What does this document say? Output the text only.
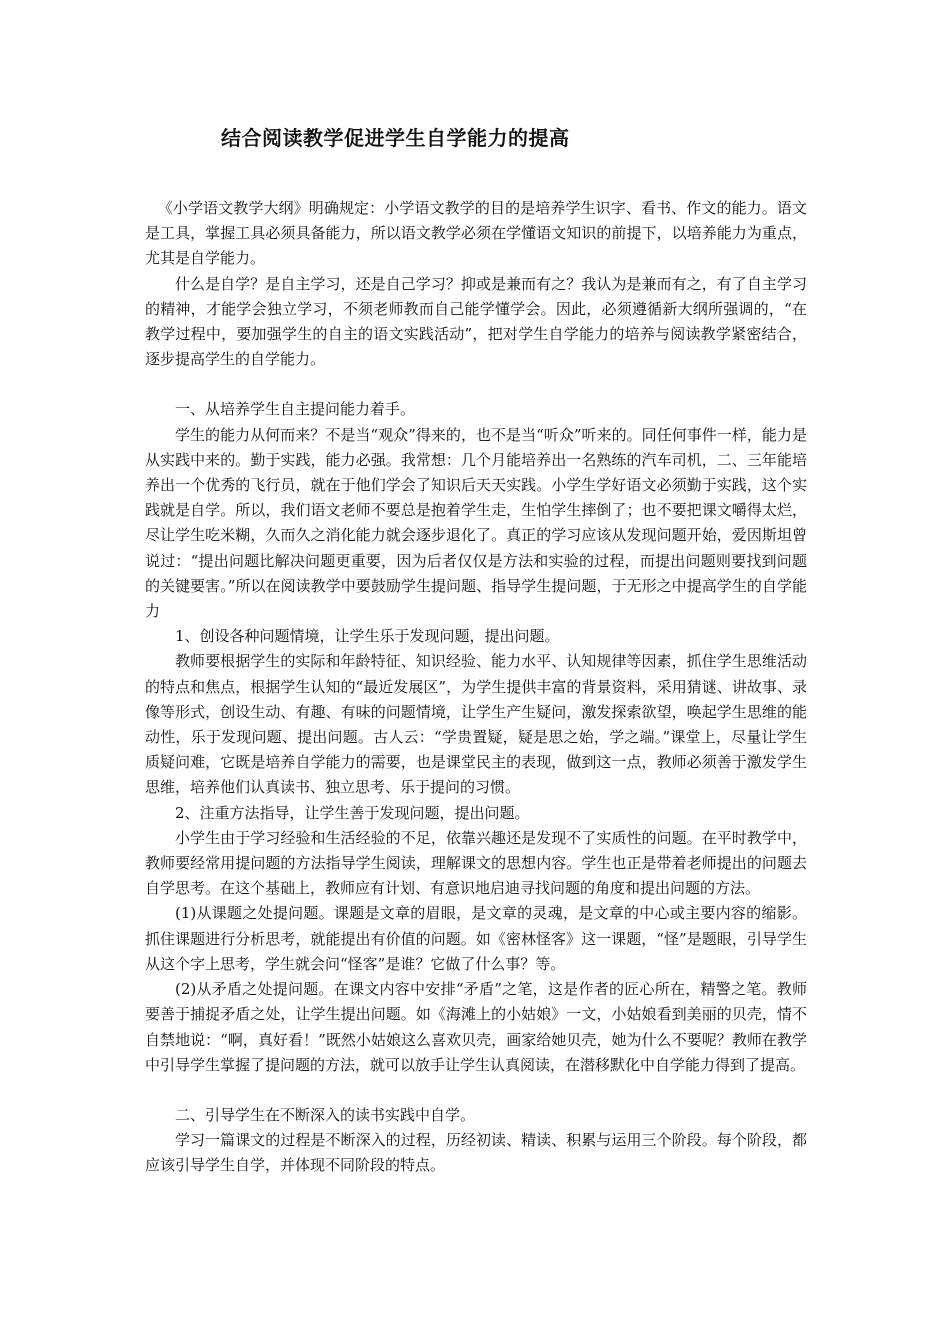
结合阅读教学促进学生自学能力的提高

《小学语文教学大纲》明确规定：小学语文教学的目的是培养学生识字、看书、作文的能力。语文是工具，掌握工具必须具备能力，所以语文教学必须在学懂语文知识的前提下，以培养能力为重点，尤其是自学能力。

什么是自学？是自主学习，还是自己学习？抑或是兼而有之？我认为是兼而有之，有了自主学习的精神，才能学会独立学习，不须老师教而自己能学懂学会。因此，必须遵循新大纲所强调的，“在教学过程中，要加强学生的自主的语文实践活动”，把对学生自学能力的培养与阅读教学紧密结合，逐步提高学生的自学能力。

一、从培养学生自主提问能力着手。

学生的能力从何而来？不是当“观众”得来的，也不是当“听众”听来的。同任何事件一样，能力是从实践中来的。勤于实践，能力必强。我常想：几个月能培养出一名熟练的汽车司机，二、三年能培养出一个优秀的飞行员，就在于他们学会了知识后天天实践。小学生学好语文必须勤于实践，这个实践就是自学。所以，我们语文老师不要总是抱着学生走，生怕学生摔倒了；也不要把课文嚼得太烂，尽让学生吃米糊，久而久之消化能力就会逐步退化了。真正的学习应该从发现问题开始，爱因斯坦曾说过：“提出问题比解决问题更重要，因为后者仅仅是方法和实验的过程，而提出问题则要找到问题的关键要害。”所以在阅读教学中要鼓励学生提问题、指导学生提问题，于无形之中提高学生的自学能力

1、创设各种问题情境，让学生乐于发现问题，提出问题。

教师要根据学生的实际和年龄特征、知识经验、能力水平、认知规律等因素，抓住学生思维活动的特点和焦点，根据学生认知的“最近发展区”，为学生提供丰富的背景资料，采用猜谜、讲故事、录像等形式，创设生动、有趣、有味的问题情境，让学生产生疑问，激发探索欲望，唤起学生思维的能动性，乐于发现问题、提出问题。古人云：“学贵置疑，疑是思之始，学之端。”课堂上，尽量让学生质疑问难，它既是培养自学能力的需要，也是课堂民主的表现，做到这一点，教师必须善于激发学生思维，培养他们认真读书、独立思考、乐于提问的习惯。

2、注重方法指导，让学生善于发现问题，提出问题。

小学生由于学习经验和生活经验的不足，依靠兴趣还是发现不了实质性的问题。在平时教学中，教师要经常用提问题的方法指导学生阅读，理解课文的思想内容。学生也正是带着老师提出的问题去自学思考。在这个基础上，教师应有计划、有意识地启迪寻找问题的角度和提出问题的方法。

(1)从课题之处提问题。课题是文章的眉眼，是文章的灵魂，是文章的中心或主要内容的缩影。抓住课题进行分析思考，就能提出有价值的问题。如《密林怪客》这一课题，“怪”是题眼，引导学生从这个字上思考，学生就会问“怪客”是谁？它做了什么事？等。

(2)从矛盾之处提问题。在课文内容中安排“矛盾”之笔，这是作者的匠心所在，精警之笔。教师要善于捕捉矛盾之处，让学生提出问题。如《海滩上的小姑娘》一文，小姑娘看到美丽的贝壳，情不自禁地说：“啊，真好看！”既然小姑娘这么喜欢贝壳，画家给她贝壳，她为什么不要呢？教师在教学中引导学生掌握了提问题的方法，就可以放手让学生认真阅读，在潜移默化中自学能力得到了提高。

二、引导学生在不断深入的读书实践中自学。

学习一篇课文的过程是不断深入的过程，历经初读、精读、积累与运用三个阶段。每个阶段，都应该引导学生自学，并体现不同阶段的特点。
